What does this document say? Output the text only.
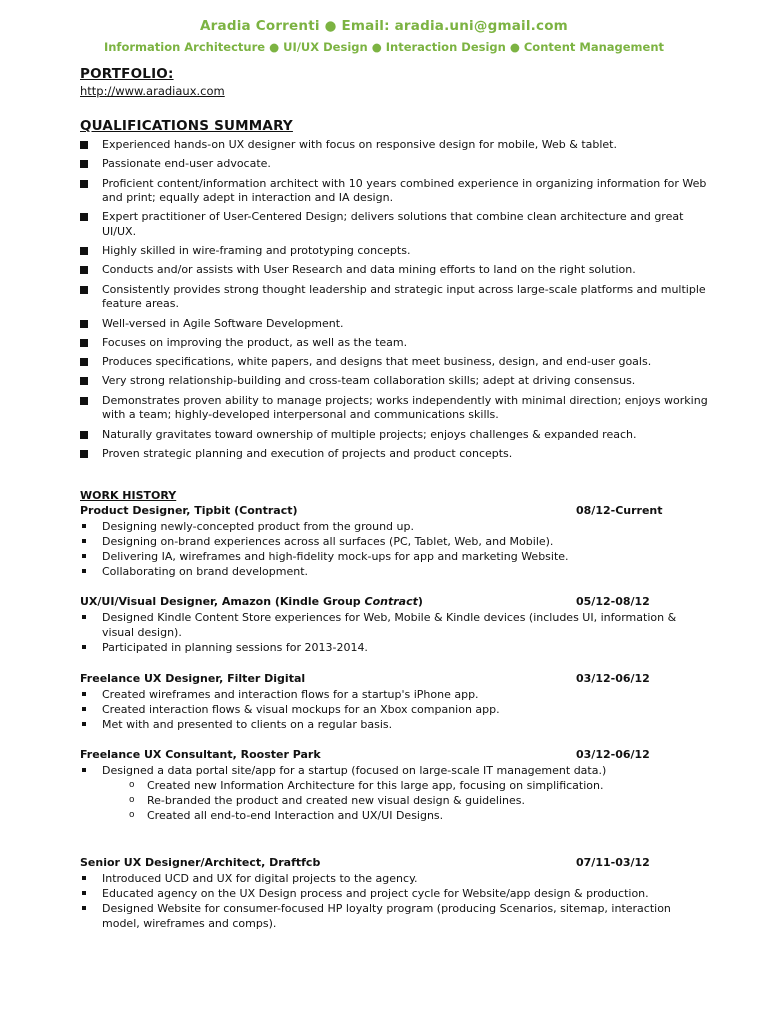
Aradia Correnti ● Email: aradia.uni@gmail.com
Information Architecture ● UI/UX Design ● Interaction Design ● Content Management
PORTFOLIO:
http://www.aradiaux.com
QUALIFICATIONS SUMMARY
Experienced hands-on UX designer with focus on responsive design for mobile, Web & tablet.
Passionate end-user advocate.
Proficient content/information architect with 10 years combined experience in organizing information for Web and print; equally adept in interaction and IA design.
Expert practitioner of User-Centered Design; delivers solutions that combine clean architecture and great UI/UX.
Highly skilled in wire-framing and prototyping concepts.
Conducts and/or assists with User Research and data mining efforts to land on the right solution.
Consistently provides strong thought leadership and strategic input across large-scale platforms and multiple feature areas.
Well-versed in Agile Software Development.
Focuses on improving the product, as well as the team.
Produces specifications, white papers, and designs that meet business, design, and end-user goals.
Very strong relationship-building and cross-team collaboration skills; adept at driving consensus.
Demonstrates proven ability to manage projects; works independently with minimal direction; enjoys working with a team; highly-developed interpersonal and communications skills.
Naturally gravitates toward ownership of multiple projects; enjoys challenges & expanded reach.
Proven strategic planning and execution of projects and product concepts.
WORK HISTORY
Product Designer, Tipbit (Contract)	08/12-Current
Designing newly-concepted product from the ground up.
Designing on-brand experiences across all surfaces (PC, Tablet, Web, and Mobile).
Delivering IA, wireframes and high-fidelity mock-ups for app and marketing Website.
Collaborating on brand development.
UX/UI/Visual Designer, Amazon (Kindle Group Contract)	05/12-08/12
Designed Kindle Content Store experiences for Web, Mobile & Kindle devices (includes UI, information & visual design).
Participated in planning sessions for 2013-2014.
Freelance UX Designer, Filter Digital	03/12-06/12
Created wireframes and interaction flows for a startup's iPhone app.
Created interaction flows & visual mockups for an Xbox companion app.
Met with and presented to clients on a regular basis.
Freelance UX Consultant, Rooster Park	03/12-06/12
Designed a data portal site/app for a startup (focused on large-scale IT management data.)
o Created new Information Architecture for this large app, focusing on simplification.
o Re-branded the product and created new visual design & guidelines.
o Created all end-to-end Interaction and UX/UI Designs.
Senior UX Designer/Architect, Draftfcb	07/11-03/12
Introduced UCD and UX for digital projects to the agency.
Educated agency on the UX Design process and project cycle for Website/app design & production.
Designed Website for consumer-focused HP loyalty program (producing Scenarios, sitemap, interaction model, wireframes and comps).
